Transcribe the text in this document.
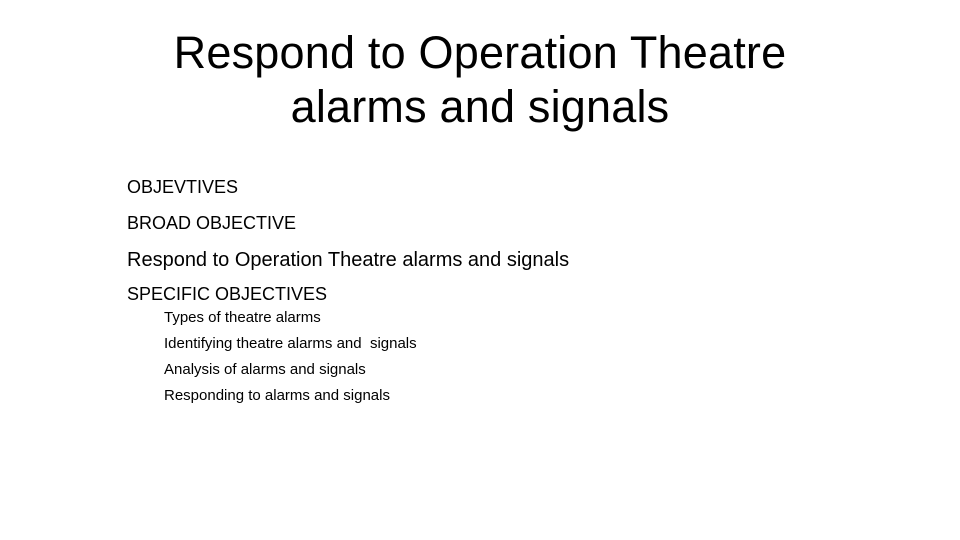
Respond to Operation Theatre
alarms and signals
OBJEVTIVES
BROAD OBJECTIVE
Respond to Operation Theatre alarms and signals
SPECIFIC OBJECTIVES
Types of theatre alarms
Identifying theatre alarms and  signals
Analysis of alarms and signals
Responding to alarms and signals
